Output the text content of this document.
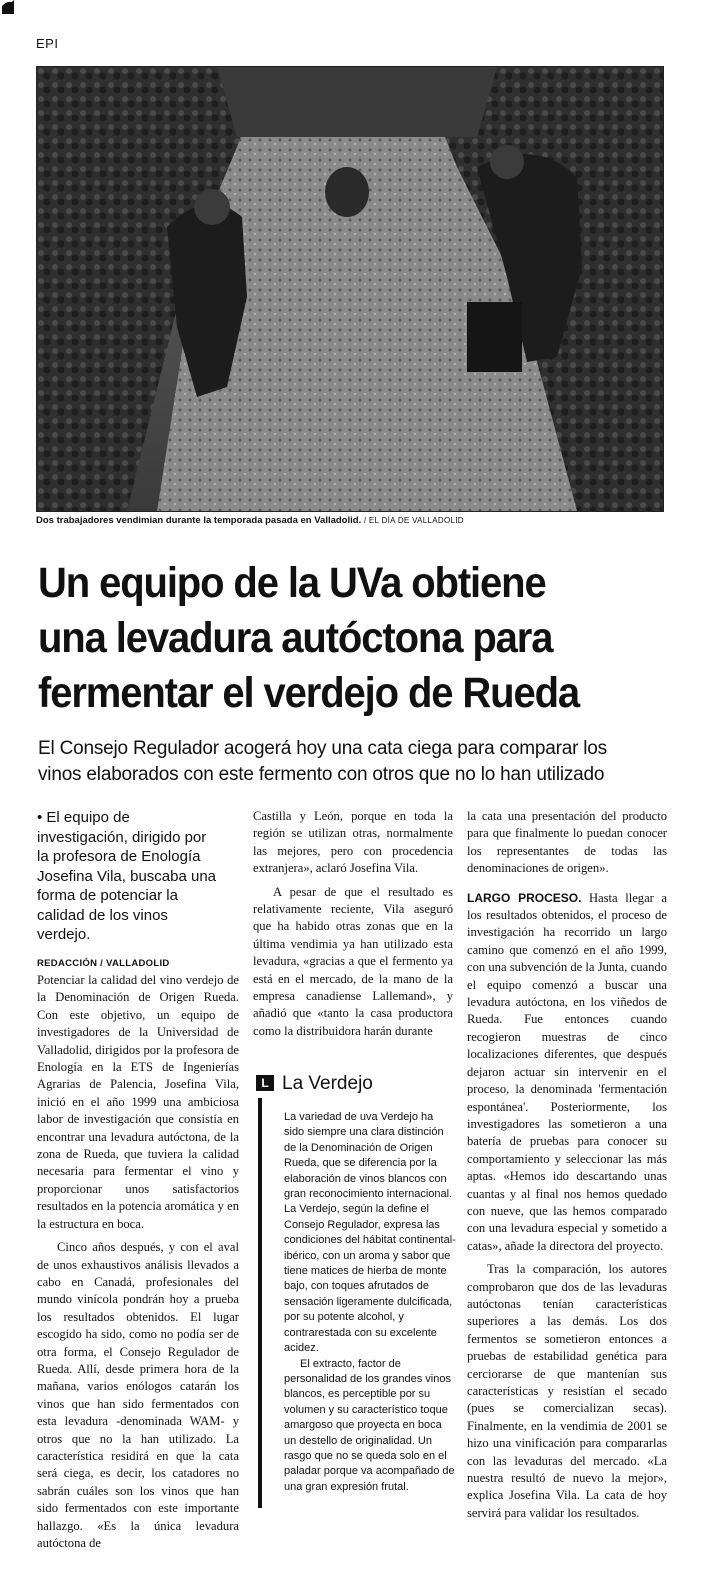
EPI
Dos trabajadores vendimian durante la temporada pasada en Valladolid. / EL DÍA DE VALLADOLID
Un equipo de la UVa obtiene
una levadura autóctona para
fermentar el verdejo de Rueda
El Consejo Regulador acogerá hoy una cata ciega para comparar los
vinos elaborados con este fermento con otros que no lo han utilizado
• El equipo de investigación, dirigido por la profesora de Enología Josefina Vila, buscaba una forma de potenciar la calidad de los vinos verdejo.
REDACCIÓN / VALLADOLID

Potenciar la calidad del vino verdejo de la Denominación de Origen Rueda. Con este objetivo, un equipo de investigadores de la Universidad de Valladolid, dirigidos por la profesora de Enología en la ETS de Ingenierías Agrarias de Palencia, Josefina Vila, inició en el año 1999 una ambiciosa labor de investigación que consistía en encontrar una levadura autóctona, de la zona de Rueda, que tuviera la calidad necesaria para fermentar el vino y proporcionar unos satisfactorios resultados en la potencia aromática y en la estructura en boca.

Cinco años después, y con el aval de unos exhaustivos análisis llevados a cabo en Canadá, profesionales del mundo vinícola pondrán hoy a prueba los resultados obtenidos. El lugar escogido ha sido, como no podía ser de otra forma, el Consejo Regulador de Rueda. Allí, desde primera hora de la mañana, varios enólogos catarán los vinos que han sido fermentados con esta levadura -denominada WAM- y otros que no la han utilizado. La característica residirá en que la cata será ciega, es decir, los catadores no sabrán cuáles son los vinos que han sido fermentados con este importante hallazgo. «Es la única levadura autóctona de

Castilla y León, porque en toda la región se utilizan otras, normalmente las mejores, pero con procedencia extranjera», aclaró Josefina Vila.

A pesar de que el resultado es relativamente reciente, Vila aseguró que ha habido otras zonas que en la última vendimia ya han utilizado esta levadura, «gracias a que el fermento ya está en el mercado, de la mano de la empresa canadiense Lallemand», y añadió que «tanto la casa productora como la distribuidora harán durante

L La Verdejo

La variedad de uva Verdejo ha sido siempre una clara distinción de la Denominación de Origen Rueda, que se diferencia por la elaboración de vinos blancos con gran reconocimiento internacional. La Verdejo, según la define el Consejo Regulador, expresa las condiciones del hábitat continental-ibérico, con un aroma y sabor que tiene matices de hierba de monte bajo, con toques afrutados de sensación ligeramente dulcificada, por su potente alcohol, y contrarestada con su excelente acidez.

El extracto, factor de personalidad de los grandes vinos blancos, es perceptible por su volumen y su característico toque amargoso que proyecta en boca un destello de originalidad. Un rasgo que no se queda solo en el paladar porque va acompañado de una gran expresión frutal.

la cata una presentación del producto para que finalmente lo puedan conocer los representantes de todas las denominaciones de origen».

LARGO PROCESO. Hasta llegar a los resultados obtenidos, el proceso de investigación ha recorrido un largo camino que comenzó en el año 1999, con una subvención de la Junta, cuando el equipo comenzó a buscar una levadura autóctona, en los viñedos de Rueda. Fue entonces cuando recogieron muestras de cinco localizaciones diferentes, que después dejaron actuar sin intervenir en el proceso, la denominada 'fermentación espontánea'. Posteriormente, los investigadores las sometieron a una batería de pruebas para conocer su comportamiento y seleccionar las más aptas. «Hemos ido descartando unas cuantas y al final nos hemos quedado con nueve, que las hemos comparado con una levadura especial y sometido a catas», añade la directora del proyecto.

Tras la comparación, los autores comprobaron que dos de las levaduras autóctonas tenían características superiores a las demás. Los dos fermentos se sometieron entonces a pruebas de estabilidad genética para cerciorarse de que mantenían sus características y resistían el secado (pues se comercializan secas). Finalmente, en la vendimia de 2001 se hizo una vinificación para compararlas con las levaduras del mercado. «La nuestra resultó de nuevo la mejor», explica Josefina Vila. La cata de hoy servirá para validar los resultados.
